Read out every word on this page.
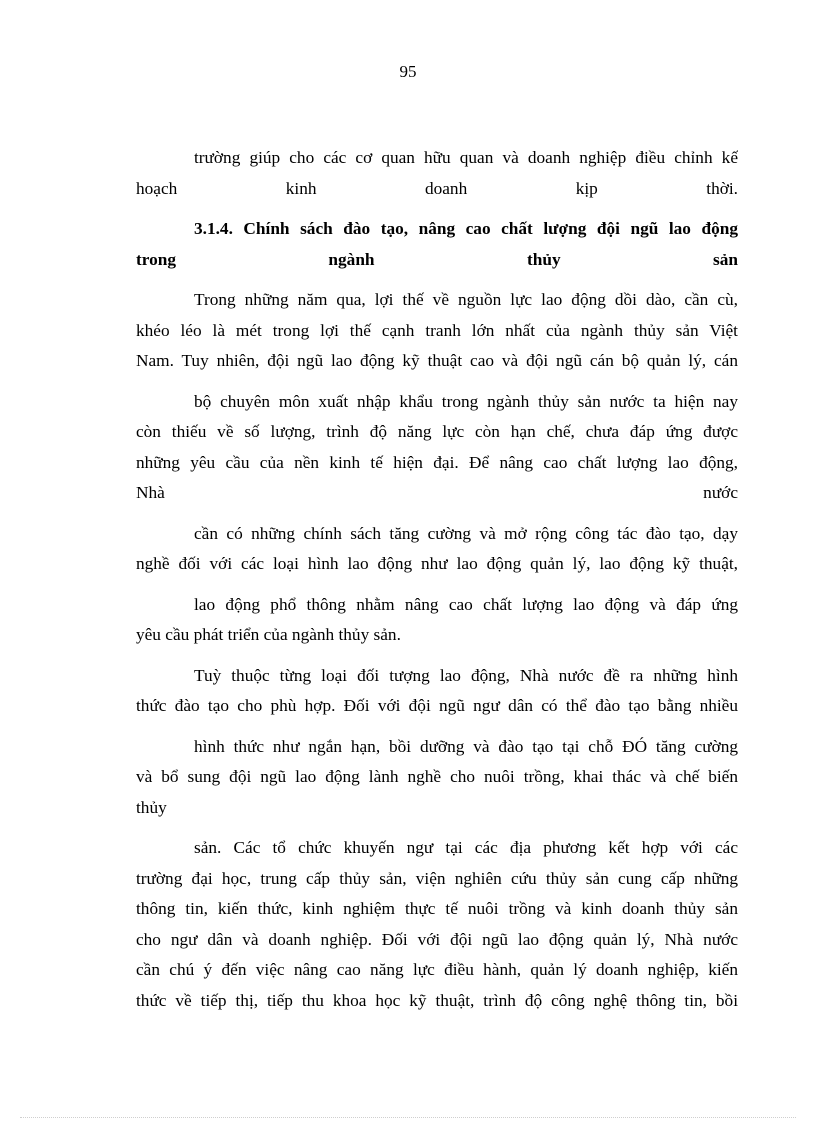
95
trường giúp cho các cơ quan hữu quan và doanh nghiệp điều chỉnh kế
hoạch kinh doanh kịp thời.
3.1.4. Chính sách đào tạo, nâng cao chất lượng đội ngũ lao động
trong ngành thủy sản
Trong những năm qua, lợi thế về nguồn lực lao động dồi dào, cần cù,
khéo léo là mét trong lợi thế cạnh tranh lớn nhất của ngành thủy sản Việt
Nam. Tuy nhiên, đội ngũ lao động kỹ thuật cao và đội ngũ cán bộ quản lý, cán
bộ chuyên môn xuất nhập khẩu trong ngành thủy sản nước ta hiện nay
còn thiếu về số lượng, trình độ năng lực còn hạn chế, chưa đáp ứng được
những yêu cầu của nền kinh tế hiện đại. Để nâng cao chất lượng lao động,
Nhà nước
cần có những chính sách tăng cường và mở rộng công tác đào tạo, dạy
nghề đối với các loại hình lao động như lao động quản lý, lao động kỹ thuật,
lao động phổ thông nhằm nâng cao chất lượng lao động và đáp ứng
yêu cầu phát triển của ngành thủy sản.
Tuỳ thuộc từng loại đối tượng lao động, Nhà nước đề ra những hình
thức đào tạo cho phù hợp. Đối với đội ngũ ngư dân có thể đào tạo bằng nhiều
hình thức như ngắn hạn, bồi dưỡng và đào tạo tại chỗ ĐÓ tăng cường
và bổ sung đội ngũ lao động lành nghề cho nuôi trồng, khai thác và chế biến
thủy
sản. Các tổ chức khuyến ngư tại các địa phương kết hợp với các
trường đại học, trung cấp thủy sản, viện nghiên cứu thủy sản cung cấp những
thông tin, kiến thức, kinh nghiệm thực tế nuôi trồng và kinh doanh thủy sản
cho ngư dân và doanh nghiệp. Đối với đội ngũ lao động quản lý, Nhà nước
cần chú ý đến việc nâng cao năng lực điều hành, quản lý doanh nghiệp, kiến
thức về tiếp thị, tiếp thu khoa học kỹ thuật, trình độ công nghệ thông tin, bồi
